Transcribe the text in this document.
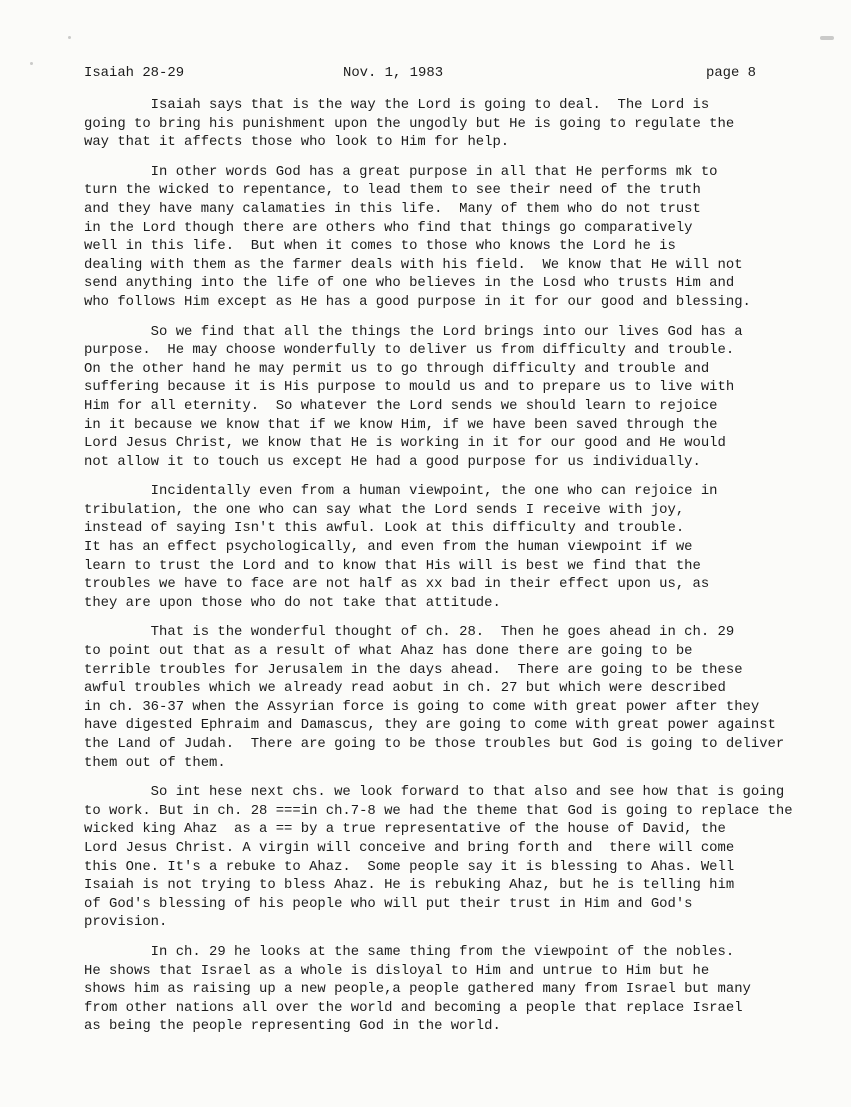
Isaiah 28-29	Nov. 1, 1983	page 8
Isaiah says that is the way the Lord is going to deal.  The Lord is
going to bring his punishment upon the ungodly but He is going to regulate the
way that it affects those who look to Him for help.
In other words God has a great purpose in all that He performs mk to
turn the wicked to repentance, to lead them to see their need of the truth
and they have many calamaties in this life.  Many of them who do not trust
in the Lord though there are others who find that things go comparatively
well in this life.  But when it comes to those who knows the Lord he is
dealing with them as the farmer deals with his field.  We know that He will not
send anything into the life of one who believes in the Losd who trusts Him and
who follows Him except as He has a good purpose in it for our good and blessing.
So we find that all the things the Lord brings into our lives God has a
purpose.  He may choose wonderfully to deliver us from difficulty and trouble.
On the other hand he may permit us to go through difficulty and trouble and
suffering because it is His purpose to mould us and to prepare us to live with
Him for all eternity.  So whatever the Lord sends we should learn to rejoice
in it because we know that if we know Him, if we have been saved through the
Lord Jesus Christ, we know that He is working in it for our good and He would
not allow it to touch us except He had a good purpose for us individually.
Incidentally even from a human viewpoint, the one who can rejoice in
tribulation, the one who can say what the Lord sends I receive with joy,
instead of saying Isn't this awful. Look at this difficulty and trouble.
It has an effect psychologically, and even from the human viewpoint if we
learn to trust the Lord and to know that His will is best we find that the
troubles we have to face are not half as xx bad in their effect upon us, as
they are upon those who do not take that attitude.
That is the wonderful thought of ch. 28.  Then he goes ahead in ch. 29
to point out that as a result of what Ahaz has done there are going to be
terrible troubles for Jerusalem in the days ahead.  There are going to be these
awful troubles which we already read aobut in ch. 27 but which were described
in ch. 36-37 when the Assyrian force is going to come with great power after they
have digested Ephraim and Damascus, they are going to come with great power against
the Land of Judah.  There are going to be those troubles but God is going to deliver
them out of them.
So int hese next chs. we look forward to that also and see how that is going
to work. But in ch. 28 ===in ch.7-8 we had the theme that God is going to replace the
wicked king Ahaz  as a == by a true representative of the house of David, the
Lord Jesus Christ. A virgin will conceive and bring forth and  there will come
this One. It's a rebuke to Ahaz.  Some people say it is blessing to Ahas. Well
Isaiah is not trying to bless Ahaz. He is rebuking Ahaz, but he is telling him
of God's blessing of his people who will put their trust in Him and God's
provision.
In ch. 29 he looks at the same thing from the viewpoint of the nobles.
He shows that Israel as a whole is disloyal to Him and untrue to Him but he
shows him as raising up a new people,a people gathered many from Israel but many
from other nations all over the world and becoming a people that replace Israel
as being the people representing God in the world.
